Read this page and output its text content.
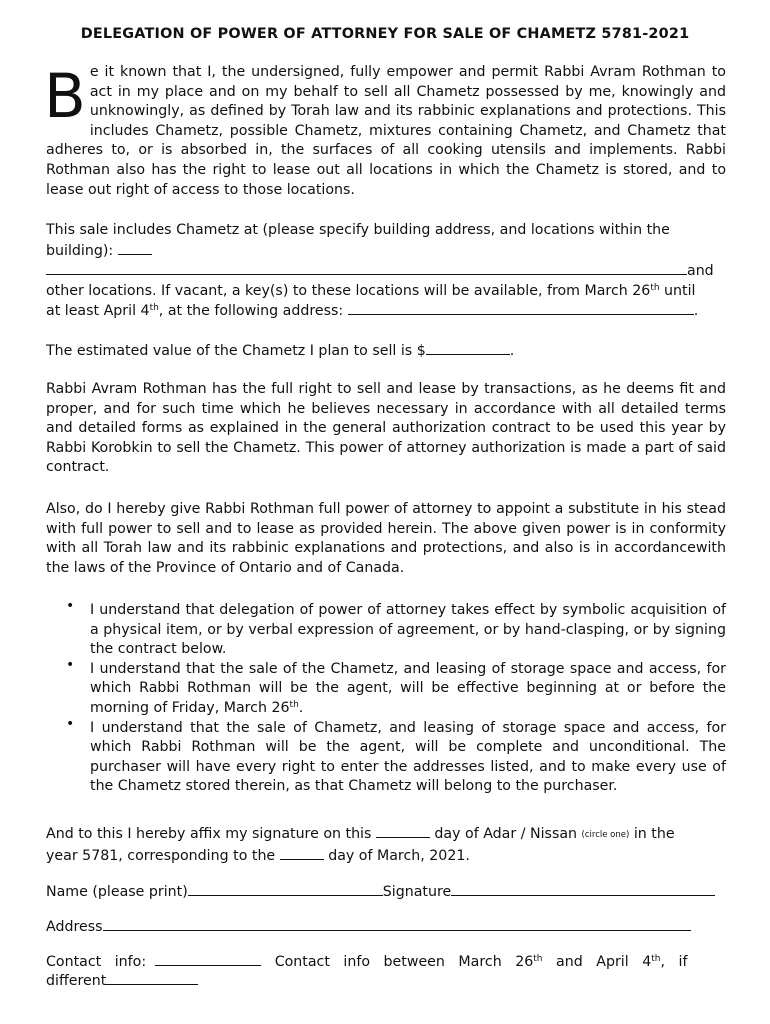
DELEGATION OF POWER OF ATTORNEY FOR SALE OF CHAMETZ 5781-2021
Be it known that I, the undersigned, fully empower and permit Rabbi Avram Rothman to act in my place and on my behalf to sell all Chametz possessed by me, knowingly and unknowingly, as defined by Torah law and its rabbinic explanations and protections. This includes Chametz, possible Chametz, mixtures containing Chametz, and Chametz that adheres to, or is absorbed in, the surfaces of all cooking utensils and implements. Rabbi Rothman also has the right to lease out all locations in which the Chametz is stored, and to lease out right of access to those locations.
This sale includes Chametz at (please specify building address, and locations within the
building):
and
other locations. If vacant, a key(s) to these locations will be available, from March 26th until
at least April 4th, at the following address:	.
The estimated value of the Chametz I plan to sell is $	.
Rabbi Avram Rothman has the full right to sell and lease by transactions, as he deems fit and proper, and for such time which he believes necessary in accordance with all detailed terms and detailed forms as explained in the general authorization contract to be used this year by Rabbi Korobkin to sell the Chametz. This power of attorney authorization is made a part of said contract.
Also, do I hereby give Rabbi Rothman full power of attorney to appoint a substitute in his stead with full power to sell and to lease as provided herein. The above given power is in conformity with all Torah law and its rabbinic explanations and protections, and also is in accordancewith the laws of the Province of Ontario and of Canada.
• I understand that delegation of power of attorney takes effect by symbolic acquisition of a physical item, or by verbal expression of agreement, or by hand-clasping, or by signing the contract below.
• I understand that the sale of the Chametz, and leasing of storage space and access, for which Rabbi Rothman will be the agent, will be effective beginning at or before the morning of Friday, March 26th.
• I understand that the sale of Chametz, and leasing of storage space and access, for which Rabbi Rothman will be the agent, will be complete and unconditional. The purchaser will have every right to enter the addresses listed, and to make every use of the Chametz stored therein, as that Chametz will belong to the purchaser.
And to this I hereby affix my signature on this	day of Adar / Nissan (circle one) in the
year 5781, corresponding to the	day of March, 2021.
Name (please print)	Signature
Address
Contact   info:	Contact   info   between   March   26th   and   April   4th,   if
different
